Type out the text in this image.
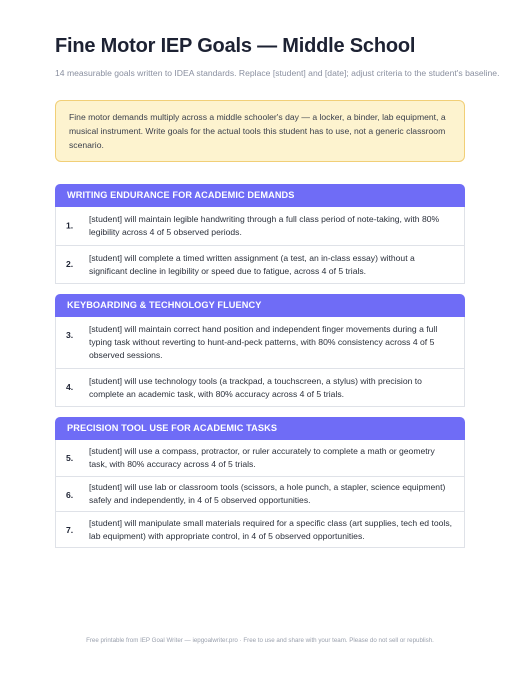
Fine Motor IEP Goals — Middle School
14 measurable goals written to IDEA standards. Replace [student] and [date]; adjust criteria to the student's baseline.
Fine motor demands multiply across a middle schooler's day — a locker, a binder, lab equipment, a musical instrument. Write goals for the actual tools this student has to use, not a generic classroom scenario.
WRITING ENDURANCE FOR ACADEMIC DEMANDS
1.
[student] will maintain legible handwriting through a full class period of note-taking, with 80% legibility across 4 of 5 observed periods.
2.
[student] will complete a timed written assignment (a test, an in-class essay) without a significant decline in legibility or speed due to fatigue, across 4 of 5 trials.
KEYBOARDING & TECHNOLOGY FLUENCY
3.
[student] will maintain correct hand position and independent finger movements during a full typing task without reverting to hunt-and-peck patterns, with 80% consistency across 4 of 5 observed sessions.
4.
[student] will use technology tools (a trackpad, a touchscreen, a stylus) with precision to complete an academic task, with 80% accuracy across 4 of 5 trials.
PRECISION TOOL USE FOR ACADEMIC TASKS
5.
[student] will use a compass, protractor, or ruler accurately to complete a math or geometry task, with 80% accuracy across 4 of 5 trials.
6.
[student] will use lab or classroom tools (scissors, a hole punch, a stapler, science equipment) safely and independently, in 4 of 5 observed opportunities.
7.
[student] will manipulate small materials required for a specific class (art supplies, tech ed tools, lab equipment) with appropriate control, in 4 of 5 observed opportunities.
Free printable from IEP Goal Writer — iepgoalwriter.pro · Free to use and share with your team. Please do not sell or republish.
